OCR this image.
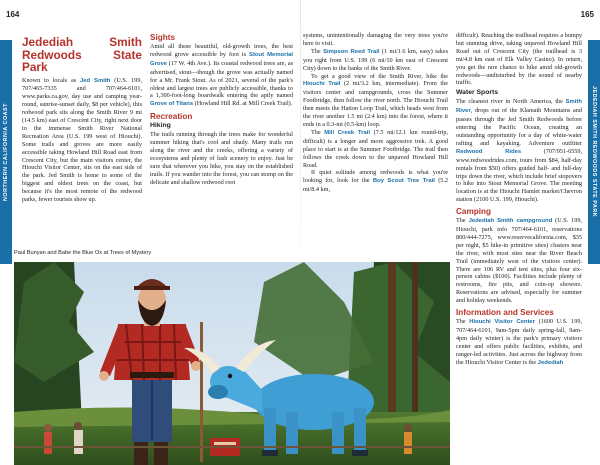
164	165
NORTHERN CALIFORNIA COAST	JEDEDIAH SMITH REDWOODS STATE PARK
Jedediah Smith Redwoods State Park

Known to locals as Jed Smith (U.S. 199, 707/465-7335 and 707/464-6101, www.parks.ca.gov, day use and camping year-round, sunrise-sunset daily, $8 per vehicle), this redwood park sits along the Smith River 9 mi (14.5 km) east of Crescent City, right next door to the immense Smith River National Recreation Area (U.S. 199 west of Hiouchi). Some trails and groves are more easily accessible taking Howland Hill Road east from Crescent City, but the main visitors center, the Hiouchi Visitor Center, sits on the east side of the park. Jed Smith is home to some of the biggest and oldest trees on the coast, but because it's the most remote of the redwood parks, fewer tourists show up.

Sights

Amid all these beautiful, old-growth trees, the best redwood grove accessible by foot is Stout Memorial Grove (17 W. 4th Ave.). Its coastal redwood trees are, as advertised, stout—though the grove was actually named for a Mr. Frank Stout. As of 2021, several of the park's oldest and largest trees are publicly accessible, thanks to a 1,300-foot-long boardwalk entering the aptly named Grove of Titans (Howland Hill Rd. at Mill Creek Trail).

Recreation
Hiking

The trails running through the trees make for wonderful summer hiking that's cool and shady. Many trails run along the river and the creeks, offering a variety of ecosystems and plenty of lush scenery to enjoy. Just be sure that wherever you hike, you stay on the established trails. If you wander into the forest, you can stomp on the delicate and shallow redwood root

systems, unintentionally damaging the very trees you're here to visit.

The Simpson Reed Trail (1 mi/1.6 km, easy) takes you right from U.S. 199 (6 mi/10 km east of Crescent City) down to the banks of the Smith River.

To get a good view of the Smith River, hike the Hiouchi Trail (2 mi/3.2 km, intermediate). From the visitors center and campgrounds, cross the Summer Footbridge, then follow the river north. The Hiouchi Trail then meets the Hatton Loop Trail, which heads west from the river another 1.5 mi (2.4 km) into the forest, where it ends in a 0.3-mi (0.5-km) loop.

The Mill Creek Trail (7.5 mi/12.1 km round-trip, difficult) is a longer and more aggressive trek. A good place to start is at the Summer Footbridge. The trail then follows the creek down to the unpaved Howland Hill Road.

If quiet solitude among redwoods is what you're looking for, look for the Boy Scout Tree Trail (5.2 mi/8.4 km,

difficult). Reaching the trailhead requires a bumpy but stunning drive, taking unpaved Howland Hill Road out of Crescent City (the trailhead is 3 mi/4.8 km east of Elk Valley Casino). In return, you get the rare chance to hike amid old-growth redwoods—undisturbed by the sound of nearby traffic.

Water Sports

The cleanest river in North America, the Smith River, drops out of the Klamath Mountains and passes through the Jed Smith Redwoods before entering the Pacific Ocean, creating an outstanding opportunity for a day of white-water rafting and kayaking. Adventure outfitter Redwood Rides (707/951-6559, www.redwoodrides.com, tours from $84, half-day rentals from $50) offers guided half- and full-day trips down the river, which include brief stopovers to hike into Stout Memorial Grove. The meeting location is at the Hiouchi Hamlet market/Chevron station (2100 U.S. 199, Hiouchi).

Camping

The Jedediah Smith campground (U.S. 199, Hiouchi, park info 707/464-6101, reservations 800/444-7275, www.reservecalifornia.com, $35 per night, $5 hike-in primitive sites) clusters near the river, with most sites near the River Beach Trail (immediately west of the visitors center). There are 106 RV and tent sites, plus four six-person cabins ($100). Facilities include plenty of restrooms, fire pits, and coin-op showers. Reservations are advised, especially for summer and holiday weekends.

Information and Services

The Hiouchi Visitor Center (1600 U.S. 199, 707/464-6101, 9am-5pm daily spring-fall, 9am-4pm daily winter) is the park's primary visitors center and offers public facilities, exhibits, and ranger-led activities. Just across the highway from the Hiouchi Visitor Center is the Jedediah

Paul Bunyan and Babe the Blue Ox at Trees of Mystery
